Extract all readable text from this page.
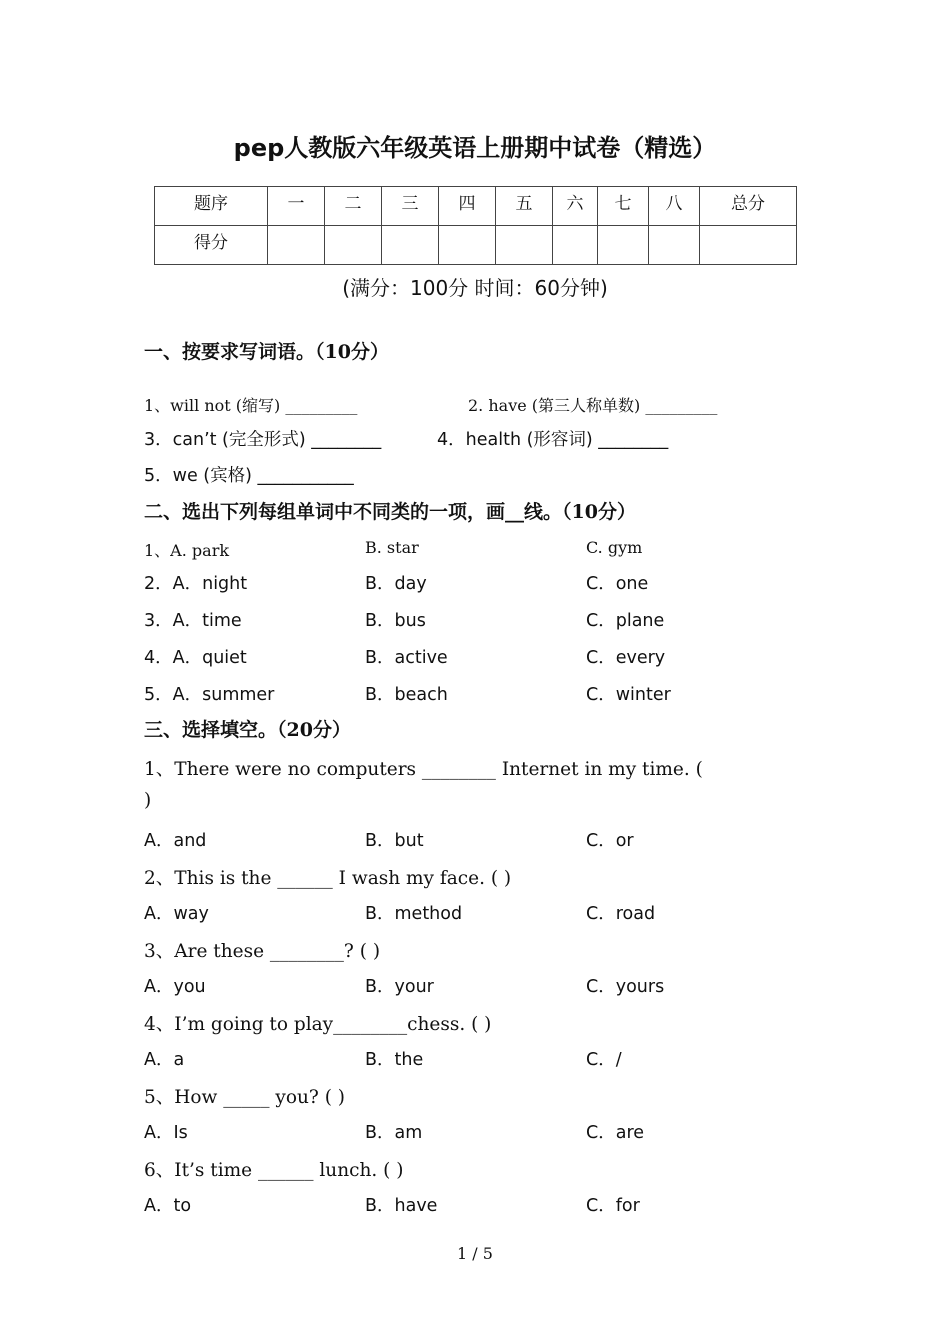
pep人教版六年级英语上册期中试卷（精选）
题序	一	二	三	四	五	六	七	八	总分
得分									
(满分：100分 时间：60分钟)
一、按要求写词语。（10分）
1、will not (缩写) _________	2. have (第三人称单数) _________
3．can’t (完全形式) ________	4．health (形容词) ________
5．we (宾格) ___________
二、选出下列每组单词中不同类的一项，画__线。（10分）
1、A. park	B. star	C. gym
2．A．night	B．day	C．one
3．A．time	B．bus	C．plane
4．A．quiet	B．active	C．every
5．A．summer	B．beach	C．winter
三、选择填空。（20分）
1、There were no computers ________ Internet in my time. (
)
A．and	B．but	C．or
2、This is the ______ I wash my face. ( )
A．way	B．method	C．road
3、Are these ________? ( )
A．you	B．your	C．yours
4、I’m going to play________chess. ( )
A．a	B．the	C．/
5、How _____ you? ( )
A．Is	B．am	C．are
6、It’s time ______ lunch. ( )
A．to	B．have	C．for
1 / 5
